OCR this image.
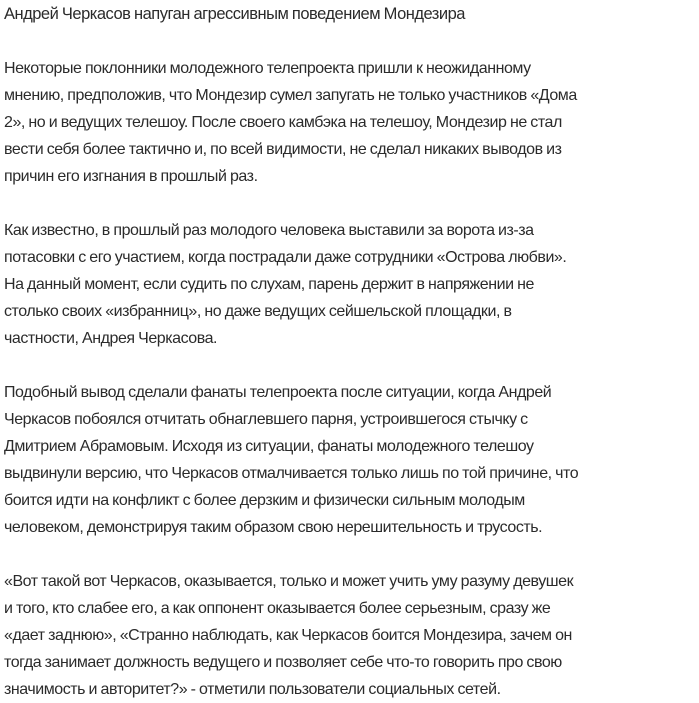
Андрей Черкасов напуган агрессивным поведением Мондезира

Некоторые поклонники молодежного телепроекта пришли к неожиданному
мнению, предположив, что Мондезир сумел запугать не только участников «Дома
2», но и ведущих телешоу. После своего камбэка на телешоу, Мондезир не стал
вести себя более тактично и, по всей видимости, не сделал никаких выводов из
причин его изгнания в прошлый раз.

Как известно, в прошлый раз молодого человека выставили за ворота из-за
потасовки с его участием, когда пострадали даже сотрудники «Острова любви».
На данный момент, если судить по слухам, парень держит в напряжении не
столько своих «избранниц», но даже ведущих сейшельской площадки, в
частности, Андрея Черкасова.

Подобный вывод сделали фанаты телепроекта после ситуации, когда Андрей
Черкасов побоялся отчитать обнаглевшего парня, устроившегося стычку с
Дмитрием Абрамовым. Исходя из ситуации, фанаты молодежного телешоу
выдвинули версию, что Черкасов отмалчивается только лишь по той причине, что
боится идти на конфликт с более дерзким и физически сильным молодым
человеком, демонстрируя таким образом свою нерешительность и трусость.

«Вот такой вот Черкасов, оказывается, только и может учить уму разуму девушек
и того, кто слабее его, а как оппонент оказывается более серьезным, сразу же
«дает заднюю», «Странно наблюдать, как Черкасов боится Мондезира, зачем он
тогда занимает должность ведущего и позволяет себе что-то говорить про свою
значимость и авторитет?» - отметили пользователи социальных сетей.
